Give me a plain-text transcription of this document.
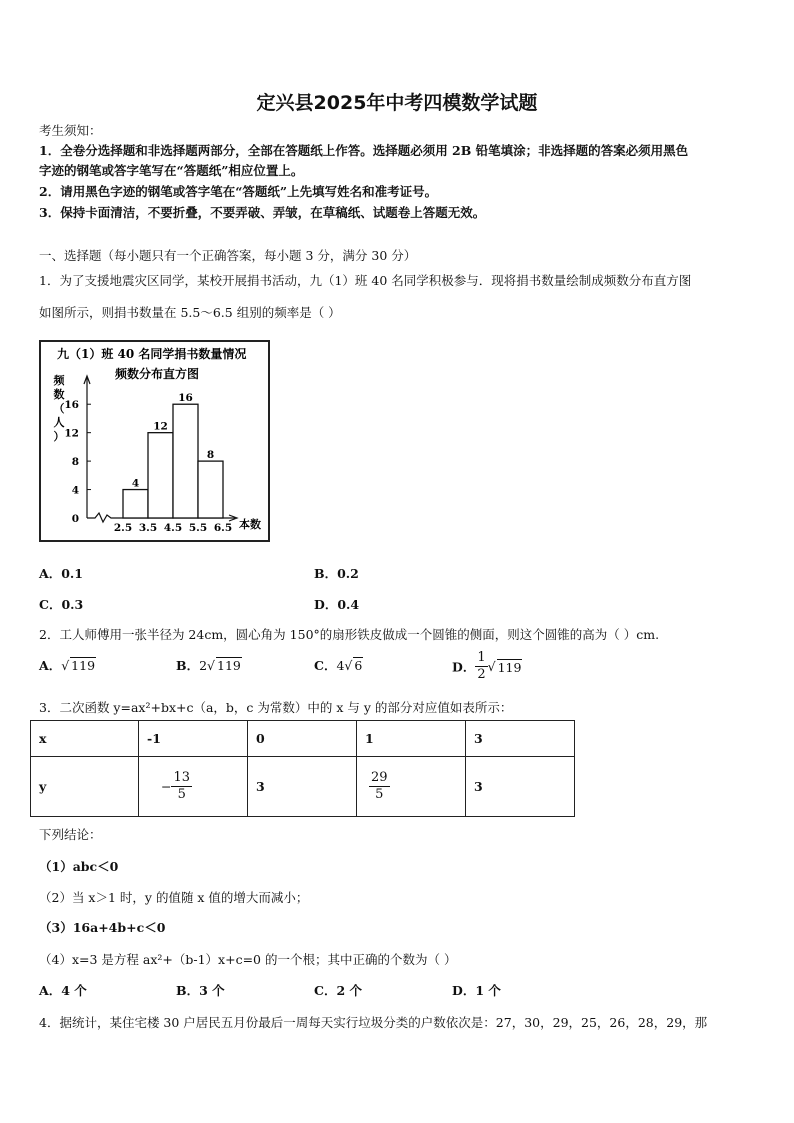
定兴县2025年中考四模数学试题
考生须知：
1．全卷分选择题和非选择题两部分，全部在答题纸上作答。选择题必须用 2B 铅笔填涂；非选择题的答案必须用黑色
字迹的钢笔或答字笔写在“答题纸”相应位置上。
2．请用黑色字迹的钢笔或答字笔在“答题纸”上先填写姓名和准考证号。
3．保持卡面清洁，不要折叠，不要弄破、弄皱，在草稿纸、试题卷上答题无效。
一、选择题（每小题只有一个正确答案，每小题 3 分，满分 30 分）
1．为了支援地震灾区同学，某校开展捐书活动，九（1）班 40 名同学积极参与．现将捐书数量绘制成频数分布直方图
如图所示，则捐书数量在 5.5～6.5 组别的频率是（ ）
九（1）班 40 名同学捐书数量情况
频数分布直方图
频
数
（
人
）
本数
0
4
8
12
16
2.5 3.5 4.5 5.5 6.5
4
12
16
8
A．0.1	B．0.2
C．0.3	D．0.4
2．工人师傅用一张半径为 24cm，圆心角为 150°的扇形铁皮做成一个圆锥的侧面，则这个圆锥的高为（ ）cm.
A．√ 119	B．2√ 119	C．4√ 6	D． $\frac{1}{2}$ √ 119
3．二次函数 y=ax²+bx+c（a，b，c 为常数）中的 x 与 y 的部分对应值如表所示：
x	-1	0	1	3
y	− $\frac{13}{5}$	3	$\frac{29}{5}$	3
下列结论：
（1）abc＜0
（2）当 x＞1 时，y 的值随 x 值的增大而减小；
（3）16a+4b+c＜0
（4）x=3 是方程 ax²+（b-1）x+c=0 的一个根；其中正确的个数为（ ）
A．4 个	B．3 个	C．2 个	D．1 个
4．据统计，某住宅楼 30 户居民五月份最后一周每天实行垃圾分类的户数依次是：27，30，29，25，26，28，29，那
